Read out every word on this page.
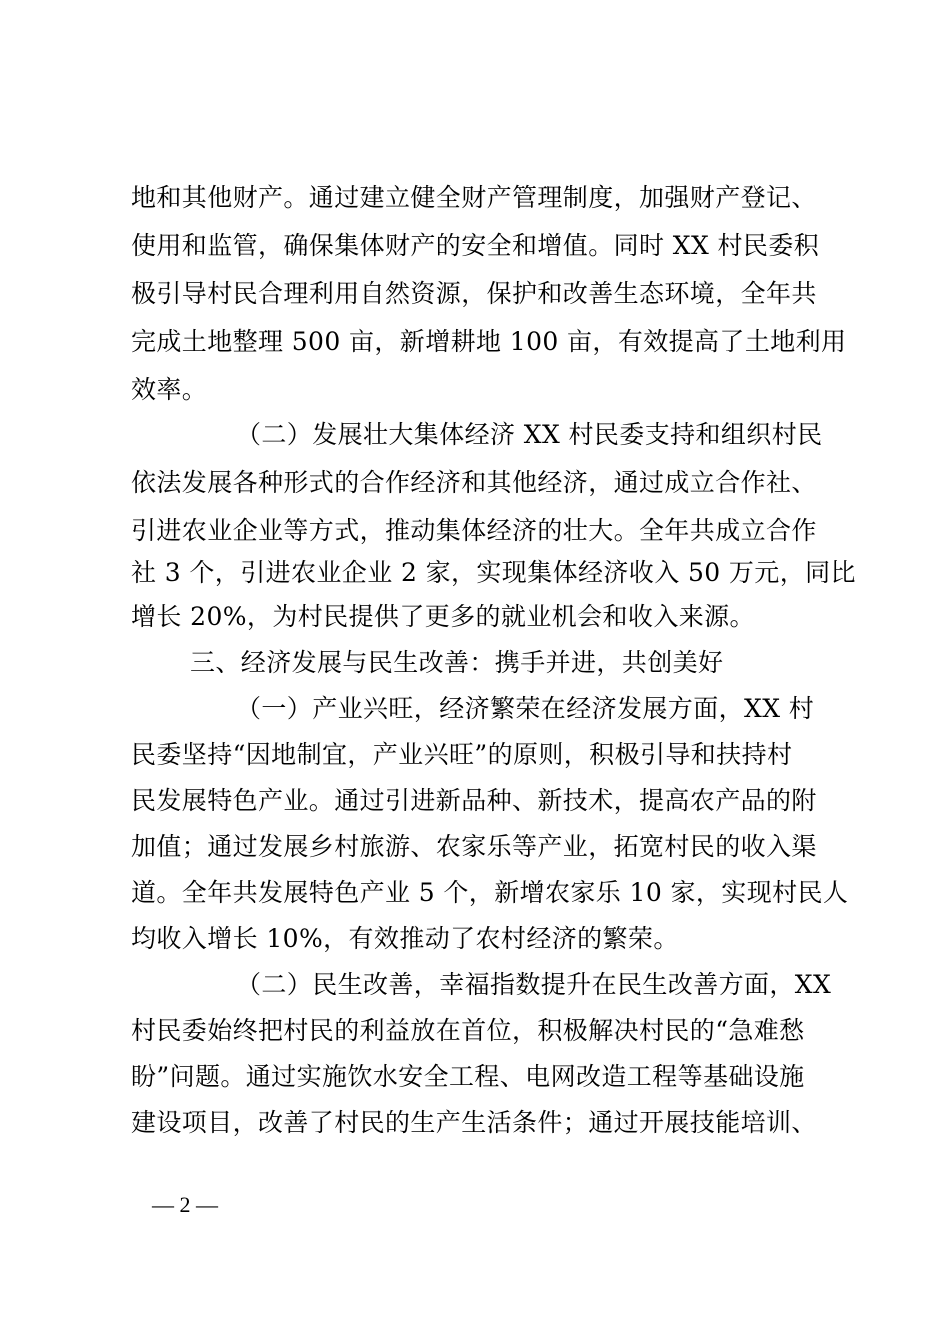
地和其他财产。通过建立健全财产管理制度，加强财产登记、
使用和监管，确保集体财产的安全和增值。同时 XX 村民委积
极引导村民合理利用自然资源，保护和改善生态环境，全年共
完成土地整理 500 亩，新增耕地 100 亩，有效提高了土地利用
效率。
（二）发展壮大集体经济 XX 村民委支持和组织村民
依法发展各种形式的合作经济和其他经济，通过成立合作社、
引进农业企业等方式，推动集体经济的壮大。全年共成立合作
社 3 个，引进农业企业 2 家，实现集体经济收入 50 万元，同比
增长 20%，为村民提供了更多的就业机会和收入来源。
三、经济发展与民生改善：携手并进，共创美好
（一）产业兴旺，经济繁荣在经济发展方面，XX 村
民委坚持“因地制宜，产业兴旺”的原则，积极引导和扶持村
民发展特色产业。通过引进新品种、新技术，提高农产品的附
加值；通过发展乡村旅游、农家乐等产业，拓宽村民的收入渠
道。全年共发展特色产业 5 个，新增农家乐 10 家，实现村民人
均收入增长 10%，有效推动了农村经济的繁荣。
（二）民生改善，幸福指数提升在民生改善方面，XX
村民委始终把村民的利益放在首位，积极解决村民的“急难愁
盼”问题。通过实施饮水安全工程、电网改造工程等基础设施
建设项目，改善了村民的生产生活条件；通过开展技能培训、
— 2 —
